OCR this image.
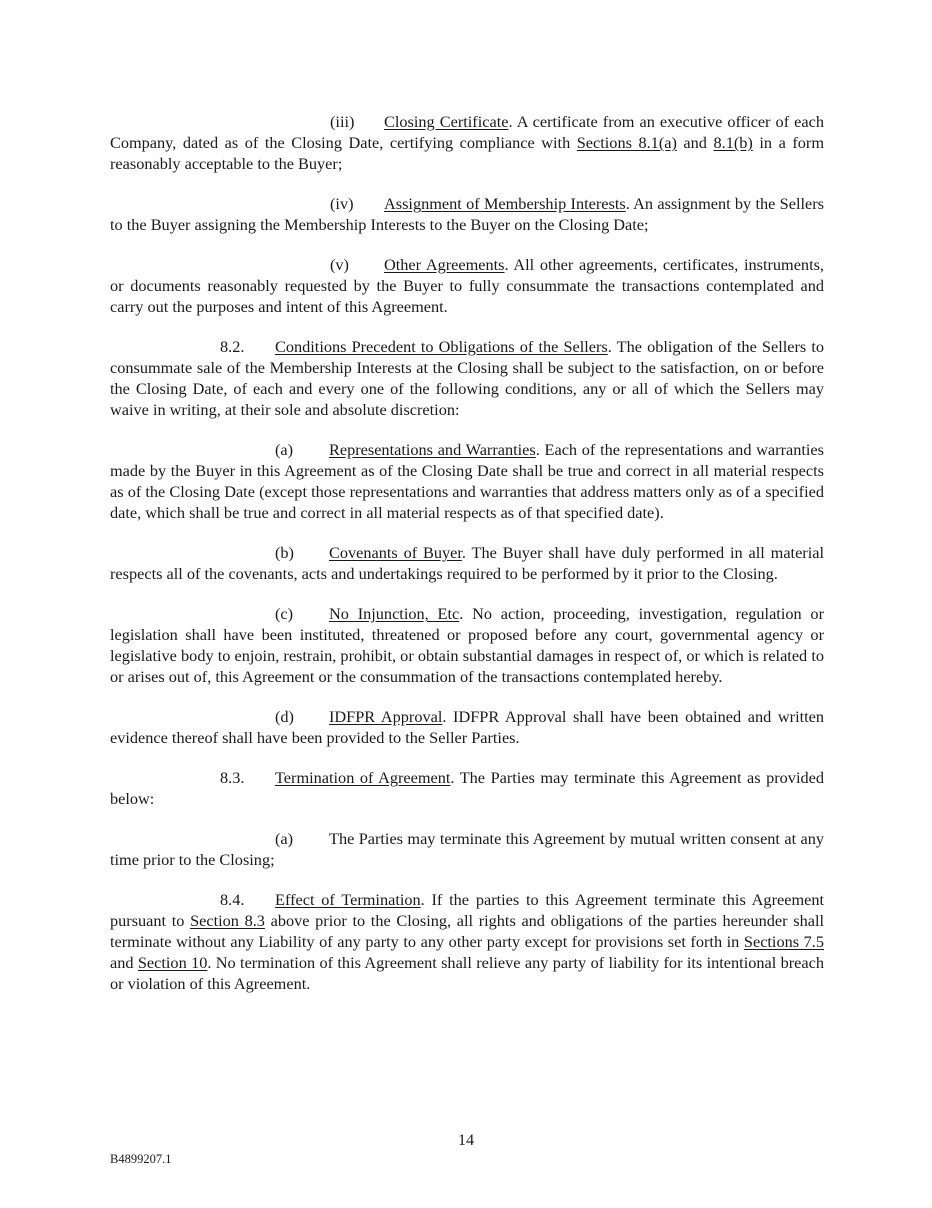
(iii) Closing Certificate. A certificate from an executive officer of each Company, dated as of the Closing Date, certifying compliance with Sections 8.1(a) and 8.1(b) in a form reasonably acceptable to the Buyer;

(iv) Assignment of Membership Interests. An assignment by the Sellers to the Buyer assigning the Membership Interests to the Buyer on the Closing Date;

(v) Other Agreements. All other agreements, certificates, instruments, or documents reasonably requested by the Buyer to fully consummate the transactions contemplated and carry out the purposes and intent of this Agreement.

8.2. Conditions Precedent to Obligations of the Sellers. The obligation of the Sellers to consummate sale of the Membership Interests at the Closing shall be subject to the satisfaction, on or before the Closing Date, of each and every one of the following conditions, any or all of which the Sellers may waive in writing, at their sole and absolute discretion:

(a) Representations and Warranties. Each of the representations and warranties made by the Buyer in this Agreement as of the Closing Date shall be true and correct in all material respects as of the Closing Date (except those representations and warranties that address matters only as of a specified date, which shall be true and correct in all material respects as of that specified date).

(b) Covenants of Buyer. The Buyer shall have duly performed in all material respects all of the covenants, acts and undertakings required to be performed by it prior to the Closing.

(c) No Injunction, Etc. No action, proceeding, investigation, regulation or legislation shall have been instituted, threatened or proposed before any court, governmental agency or legislative body to enjoin, restrain, prohibit, or obtain substantial damages in respect of, or which is related to or arises out of, this Agreement or the consummation of the transactions contemplated hereby.

(d) IDFPR Approval. IDFPR Approval shall have been obtained and written evidence thereof shall have been provided to the Seller Parties.

8.3. Termination of Agreement. The Parties may terminate this Agreement as provided below:

(a) The Parties may terminate this Agreement by mutual written consent at any time prior to the Closing;

8.4. Effect of Termination. If the parties to this Agreement terminate this Agreement pursuant to Section 8.3 above prior to the Closing, all rights and obligations of the parties hereunder shall terminate without any Liability of any party to any other party except for provisions set forth in Sections 7.5 and Section 10. No termination of this Agreement shall relieve any party of liability for its intentional breach or violation of this Agreement.

14
B4899207.1
